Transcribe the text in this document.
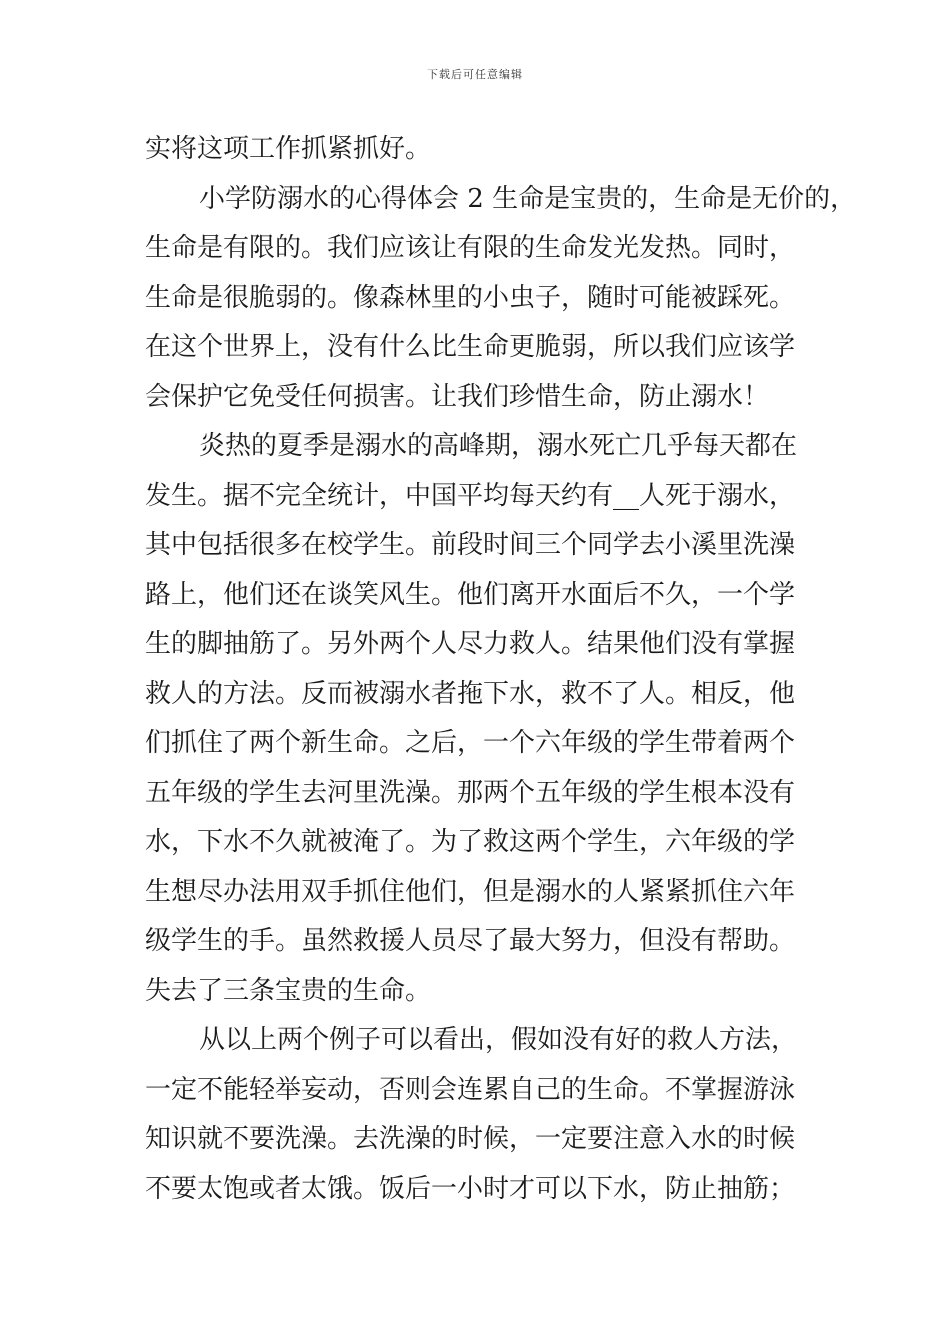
下载后可任意编辑
实将这项工作抓紧抓好。
小学防溺水的心得体会 2 生命是宝贵的，生命是无价的，
生命是有限的。我们应该让有限的生命发光发热。同时，
生命是很脆弱的。像森林里的小虫子，随时可能被踩死。
在这个世界上，没有什么比生命更脆弱，所以我们应该学
会保护它免受任何损害。让我们珍惜生命，防止溺水！
炎热的夏季是溺水的高峰期，溺水死亡几乎每天都在
发生。据不完全统计，中国平均每天约有__人死于溺水，
其中包括很多在校学生。前段时间三个同学去小溪里洗澡
路上，他们还在谈笑风生。他们离开水面后不久，一个学
生的脚抽筋了。另外两个人尽力救人。结果他们没有掌握
救人的方法。反而被溺水者拖下水，救不了人。相反，他
们抓住了两个新生命。之后，一个六年级的学生带着两个
五年级的学生去河里洗澡。那两个五年级的学生根本没有
水，下水不久就被淹了。为了救这两个学生，六年级的学
生想尽办法用双手抓住他们，但是溺水的人紧紧抓住六年
级学生的手。虽然救援人员尽了最大努力，但没有帮助。
失去了三条宝贵的生命。
从以上两个例子可以看出，假如没有好的救人方法，
一定不能轻举妄动，否则会连累自己的生命。不掌握游泳
知识就不要洗澡。去洗澡的时候，一定要注意入水的时候
不要太饱或者太饿。饭后一小时才可以下水，防止抽筋；
